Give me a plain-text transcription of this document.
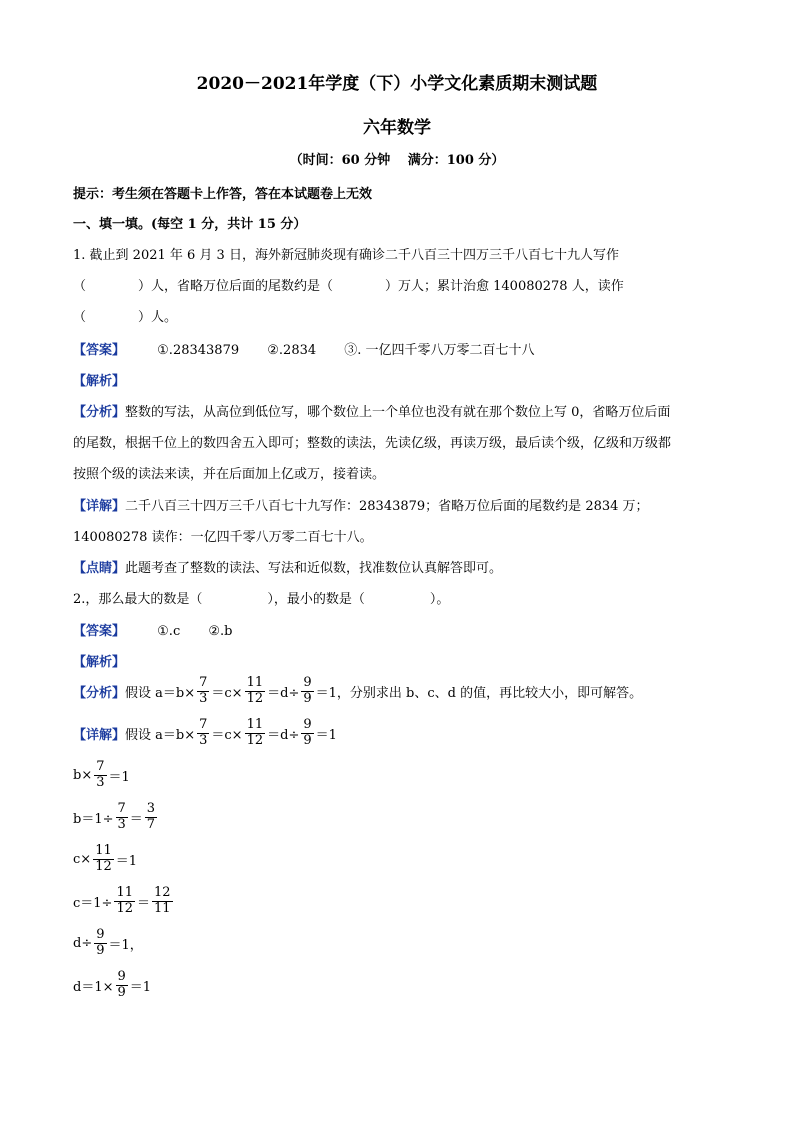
2020－2021年学度（下）小学文化素质期末测试题
六年数学
（时间：60 分钟　 满分：100 分）
提示：考生须在答题卡上作答，答在本试题卷上无效
一、填一填。(每空 1 分，共计 15 分）
1. 截止到 2021 年 6 月 3 日，海外新冠肺炎现有确诊二千八百三十四万三千八百七十九人写作
（　　　　）人，省略万位后面的尾数约是（　　　　）万人；累计治愈 140080278 人，读作
（　　　　）人。
【答案】 ①.28343879 ②.2834 ③. 一亿四千零八万零二百七十八
【解析】
【分析】整数的写法，从高位到低位写，哪个数位上一个单位也没有就在那个数位上写 0，省略万位后面
的尾数，根据千位上的数四舍五入即可；整数的读法，先读亿级，再读万级，最后读个级，亿级和万级都
按照个级的读法来读，并在后面加上亿或万，接着读。
【详解】二千八百三十四万三千八百七十九写作：28343879；省略万位后面的尾数约是 2834 万；
140080278 读作：一亿四千零八万零二百七十八。
【点睛】此题考查了整数的读法、写法和近似数，找准数位认真解答即可。
2.，那么最大的数是（　　　　　），最小的数是（　　　　　）。
【答案】 ①.c ②.b
【解析】
【分析】 假设 $a=b\times \frac{7}{3} =c\times \frac{11}{12} =d\div \frac{9}{9} =1$，分别求出 b、c、d 的值，再比较大小，即可解答。
【详解】 假设 $a=b\times \frac{7}{3} =c\times \frac{11}{12} =d\div \frac{9}{9} =1$
$b\times \frac{7}{3} =1$
$b=1\div \frac{7}{3} = \frac{3}{7}$
$c\times \frac{11}{12} =1$
$c=1\div \frac{11}{12} = \frac{12}{11}$
$d\div \frac{9}{9} =1$，
$d=1\times \frac{9}{9} =1$
